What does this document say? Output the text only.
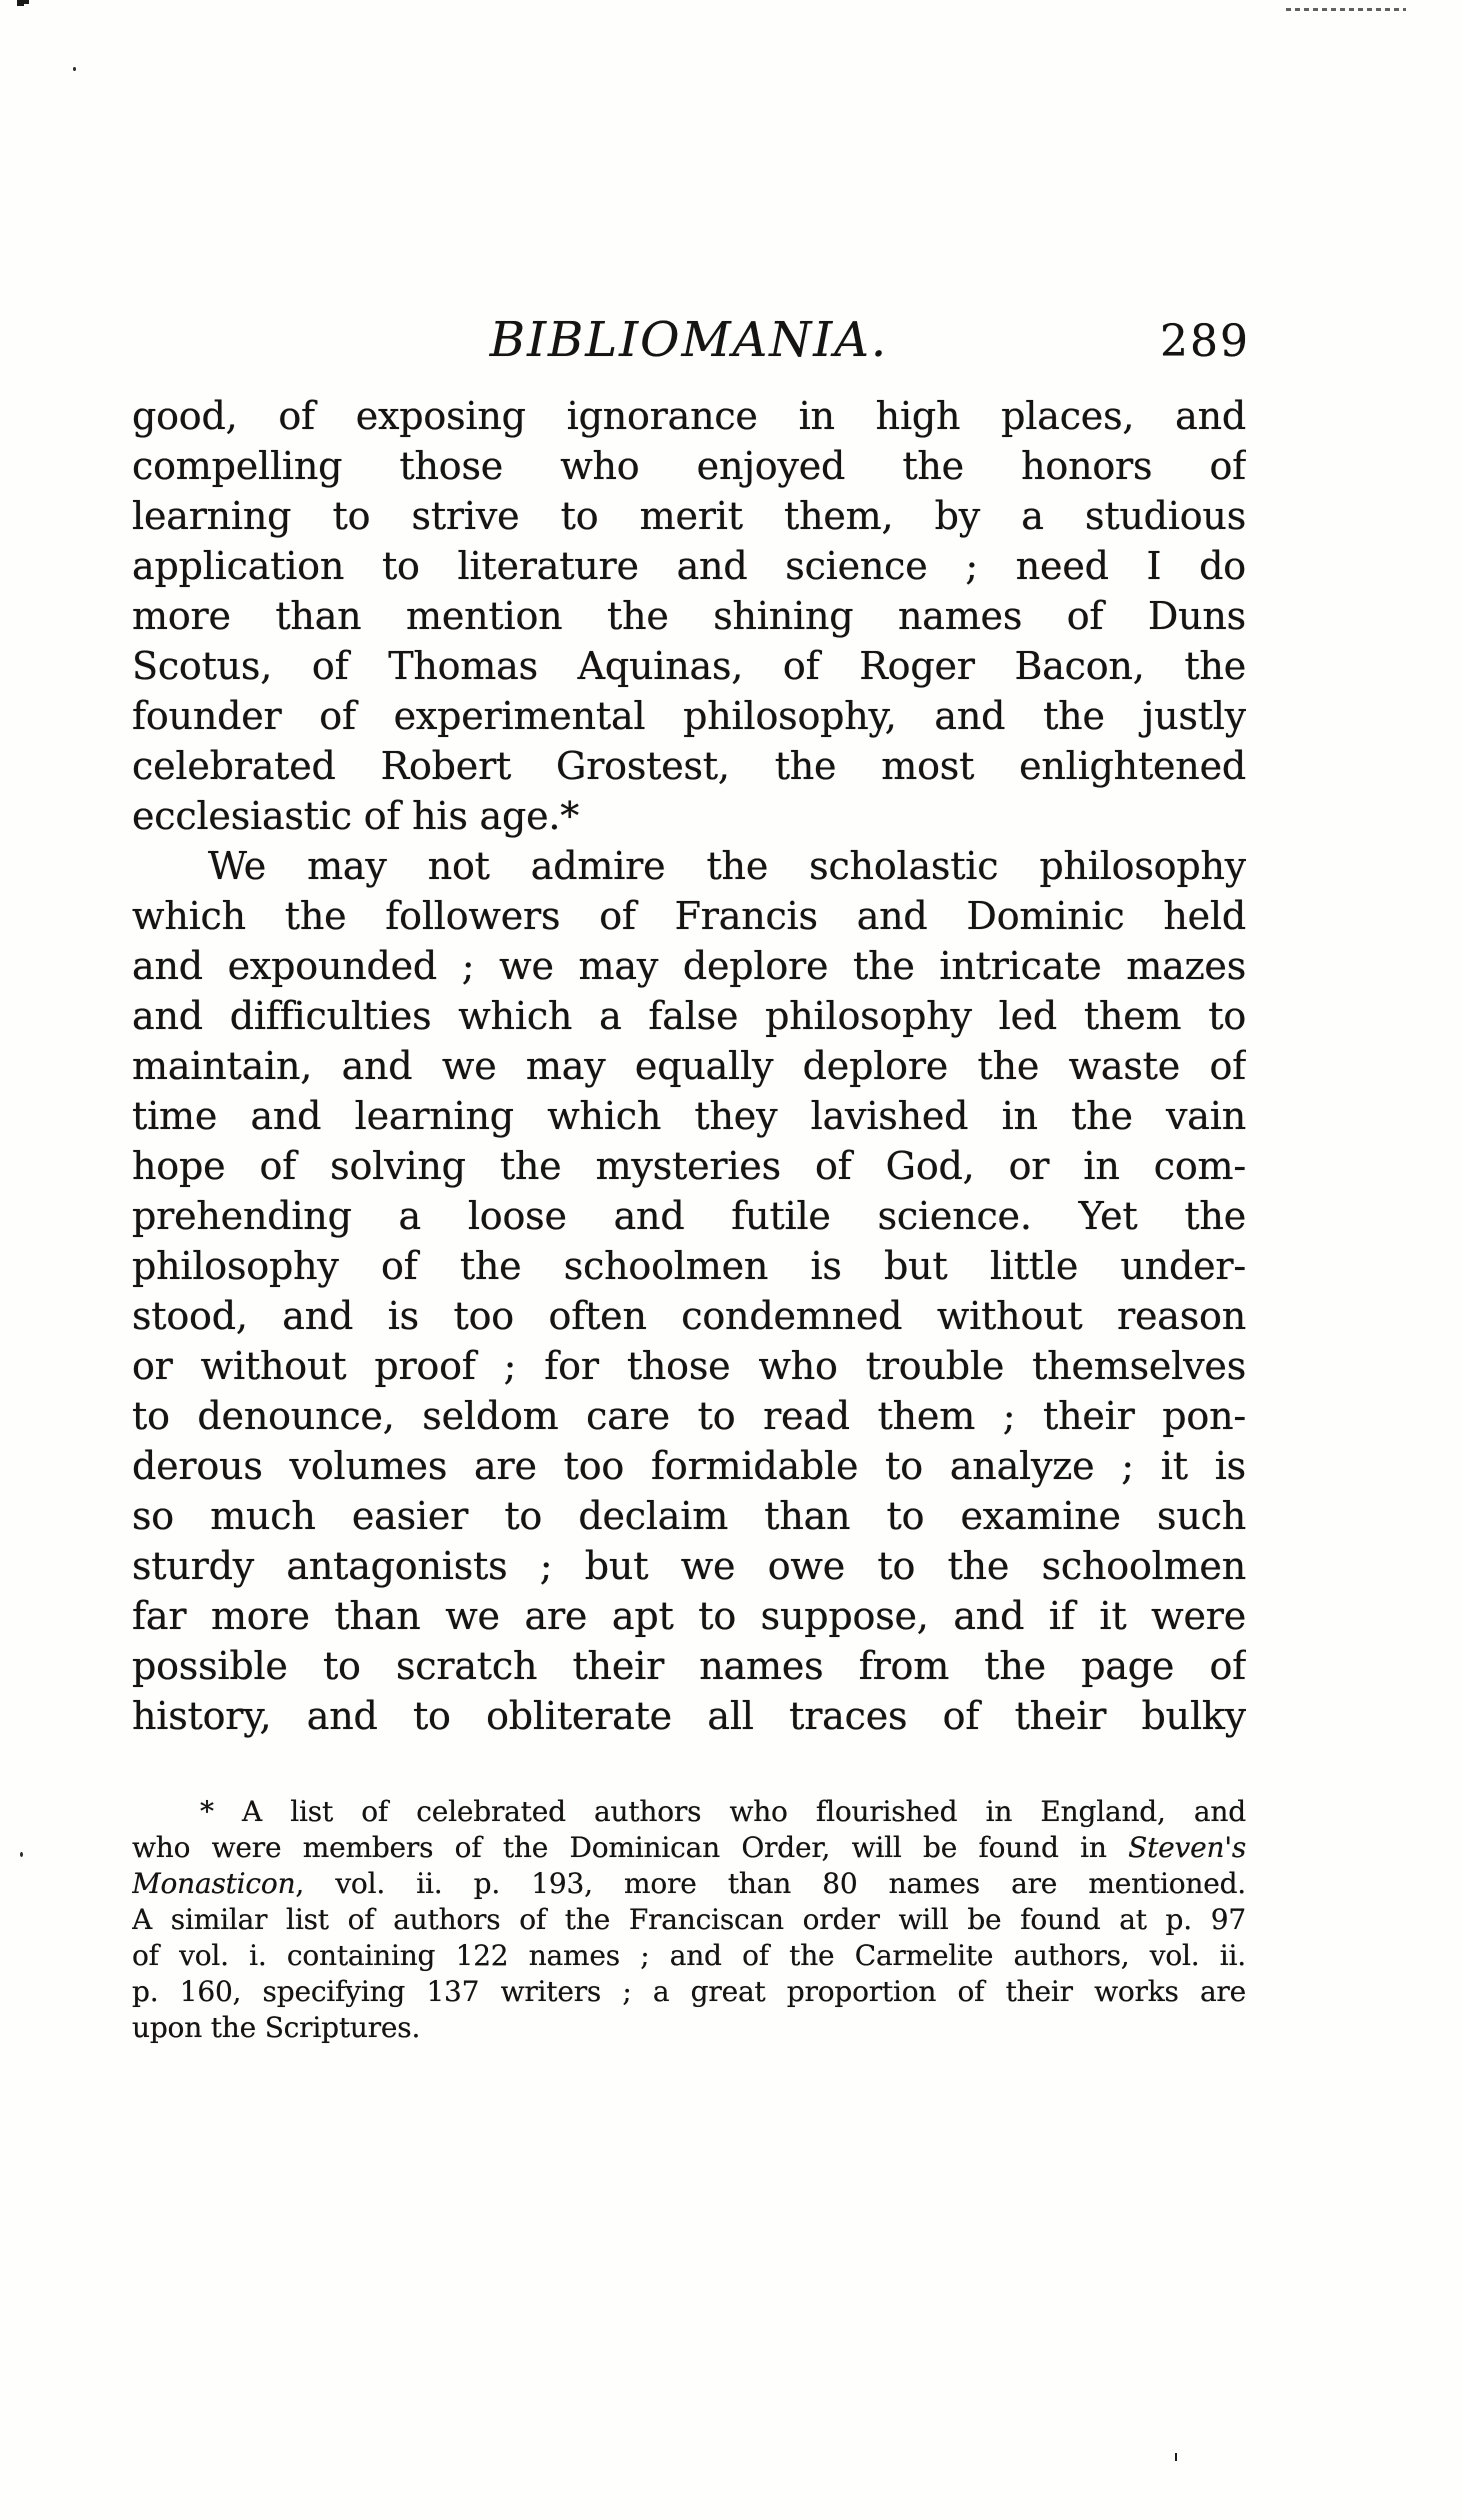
BIBLIOMANIA.	289
good, of exposing ignorance in high places, and
compelling those who enjoyed the honors of
learning to strive to merit them, by a studious
application to literature and science ; need I do
more than mention the shining names of Duns
Scotus, of Thomas Aquinas, of Roger Bacon, the
founder of experimental philosophy, and the justly
celebrated Robert Grostest, the most enlightened
ecclesiastic of his age.*
We may not admire the scholastic philosophy
which the followers of Francis and Dominic held
and expounded ; we may deplore the intricate mazes
and difficulties which a false philosophy led them to
maintain, and we may equally deplore the waste of
time and learning which they lavished in the vain
hope of solving the mysteries of God, or in com-
prehending a loose and futile science. Yet the
philosophy of the schoolmen is but little under-
stood, and is too often condemned without reason
or without proof ; for those who trouble themselves
to denounce, seldom care to read them ; their pon-
derous volumes are too formidable to analyze ; it is
so much easier to declaim than to examine such
sturdy antagonists ; but we owe to the schoolmen
far more than we are apt to suppose, and if it were
possible to scratch their names from the page of
history, and to obliterate all traces of their bulky
* A list of celebrated authors who flourished in England, and
who were members of the Dominican Order, will be found in Steven's
Monasticon, vol. ii. p. 193, more than 80 names are mentioned.
A similar list of authors of the Franciscan order will be found at p. 97
of vol. i. containing 122 names ; and of the Carmelite authors, vol. ii.
p. 160, specifying 137 writers ; a great proportion of their works are
upon the Scriptures.
